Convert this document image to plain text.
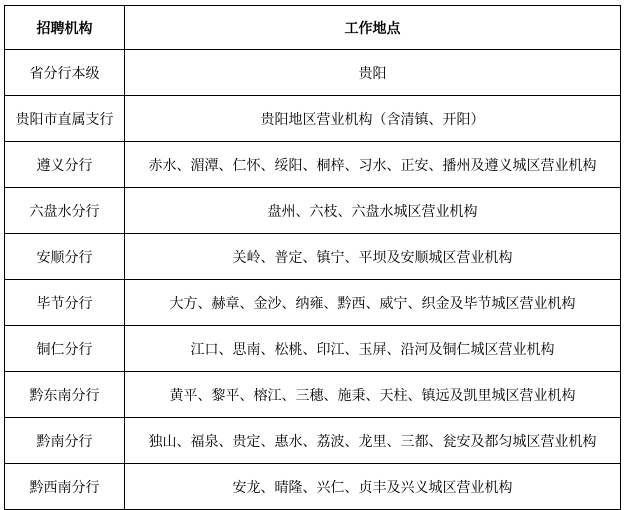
招聘机构	工作地点
省分行本级	贵阳
贵阳市直属支行	贵阳地区营业机构（含清镇、开阳）
遵义分行	赤水、湄潭、仁怀、绥阳、桐梓、习水、正安、播州及遵义城区营业机构
六盘水分行	盘州、六枝、六盘水城区营业机构
安顺分行	关岭、普定、镇宁、平坝及安顺城区营业机构
毕节分行	大方、赫章、金沙、纳雍、黔西、威宁、织金及毕节城区营业机构
铜仁分行	江口、思南、松桃、印江、玉屏、沿河及铜仁城区营业机构
黔东南分行	黄平、黎平、榕江、三穗、施秉、天柱、镇远及凯里城区营业机构
黔南分行	独山、福泉、贵定、惠水、荔波、龙里、三都、瓮安及都匀城区营业机构
黔西南分行	安龙、晴隆、兴仁、贞丰及兴义城区营业机构
